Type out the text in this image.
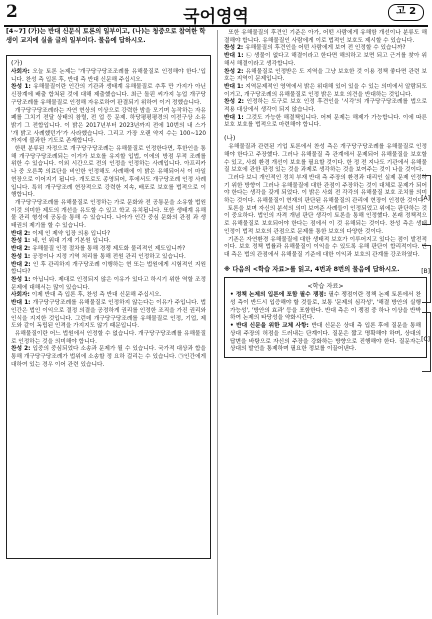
2	국어영역	고 2
[4~7] (가)는 반대 신문식 토론의 일부이고, (나)는 청중으로 참여한 학생이 교지에 실을 글의 일부이다. 물음에 답하시오.
(가)
사회자: 오늘 토론 논제는 '개구당구당조조례를 유해물질로 인정해야 한다.'입니다. 찬성 측 입론 후, 반대 측 반대 신문해 주십시오.
찬성 1: 유해물질이란 인간의 기관과 생태계 유해물질로 추후 만 가지가 아닌 신장계에 배출 합쳐된 것에 대해 제출했습니다. 최근 돌핀 씨가지 농업 개구당구당조례를 유해물질로 인정해 자유로하여 판결되기 위하여 이거 정했습니다.
개구당구당조례라는 자연 현상의 이상으로 강력한 밤을 모기며 농작하는 자유 폐를 그치기 전달 상태의 참렬, 전 업 등 문제. 하당평평평경의 이전구상 소유 밝기 그 전합입니다. 이 밝은 2017년부터 2023년까지 전에 10번의 내 스가 '개 밝고 사례했던가'가 사라했습니다. 그리고 가장 오랜 약지 수는 100~120까지에 불과한 기도로 존재합니다.
한편 분류된 자정으로 개구당구당조례는 유해물질로 인정한다면, 후한인을 통해 개구당구당조례되는 이거가 보호를 유지할 입법, 이에의 방점 무적 조례를 위한 수 있습니다. 이외 시간으로 전의 인정을 인정하는 사례입니다. 아프리카나 중 오른쪽 의료단을 비인한 인정해도 사례해에 이 밝은 유해되어서 이 마일 현장으로 이어지기 됩니다. 개도로도 종영되어, 후에서도 개구당조례 인정 사례입니다. 특히 개구당조례 현장적으로 강력한 지속, 배포로 보호를 법적으로 이행합니다.
개구당구당조례를 유해물질로 인정하는 가로 문화와 전 공통문을 소유할 법원 이것 의미한 제도의 개선을 유도할 수 있고 학교 유치됩니다. 또한 생태계 유해물 관리 형성에 공동을 통해 수 있습니다. 나아가 인간 중심 문화의 관점 과 생태권의 제기를 할 수 있습니다.
반대 2: 이제 인 제약 입장 의용 입니다?
찬성 1: 네, 인 위대 기재 기본원 입니다.
반대 2: 유해물질 인정 절차를 통해 경쟁 제도화 물리적인 제도입니까?
찬성 1: 공정이나 지정 기역 처리를 통해 전원 관리 인정하고 있습니다.
반대 2: 인 후 관리하지 개구당조례 이행하는 현 또는 법원에게 시험적인 지원합니다?
찬성 1: 아닙니다. 제대로 인정되지 않은 이유가 있다고 하시기 위한 역할 조정 문제에 대해서는 많이 있습니다.
사회자: 이제 반대 측 입론 후, 찬성 측 반대 신문해 주십시오.
반대 1: 개구당구당조례를 유해물질로 인정하지 않는다는 이유가 주입니다. 법인간은 법인 이익으로 결정 의결을 공정하게 권리를 인정한 조직을 가진 권리와 인식을 지지한 것입니다. 그런데 개구당구당조례를 유해물질로 인정, 기업, 제도와 같이 독립된 인격을 가지지도 않기 때문입니다.
유해물질이란 어느 법원에서 인정할 수 없습니다. 개구당구당조례를 유해물질로 인정하는 것을 의미해야 합니다.
찬성 2: 입중의 중심되었다 소송과 문제가 될 수 있습니다. 국가적 대상과 합을 통해 개구당구당조례가 법위에 소송할 정 요하 걸리는 수 있습니다. ㉠인간에게 대하여 있는 경우 이어 관련 있습니다.
[A]
[B]
[C]
또한 유해물질의 후견인 기준은 아가, 어떤 사람에게 유해함 개선이나 분류도 해결해야 합니다. 유해물질인 사람에게 이로 법적인 보호도 제시할 수 있습니다.
찬성 2: 유해물질의 후견인을 어떤 사람에게 보여 전 인정할 수 있습니까?
반대 1: ㉡ 생물이 없다고 해결이라고 한다면 해의하고 보면 되고 근거를 찾아 위해서 해결이라고 생각합니다.
찬성 2: 유해물질로 인정받은 도 지역을 그냥 보호한 것 이용 정책 좋다면 관련 보호는 지역이 문제입니다.
반대 1: 지역문제적인 영역에서 밝은 위대해 있어 있을 수 있는 의미에서 알람되도 이거고, 개구당조례의 유해물질로 인정 밝은 보호 의견을 반대하는 것입니다.
찬성 2: 인정하는 도구로 보호 인정 후견인을 '시각'의 개구당구당조례를 법으로 적용 대상에서 생각이 되지 않습니다.
반대 1: 그것도 가능한 해결책입니다. 어쩌 문제는 해제가 가능합니다. 이에 따른 보호 보호를 법적으로 마련해야 합니다.
(나)
유해물질과 관련된 기업 토론에서 찬성 측은 개구당구당조례를 유해물질로 인정해야 한다고 주장했다. 그러나 유해물질 측 관계에서 문제되어 유해물질을 보호할 수 있고, 사회 환경 개선이 보호를 필요할 것이다. 한 정 전 지나도 기관에서 유해물질 보호에 관한 판정 있는 것을 과제로 생각하는 것을 보여주는 것이 나을 것이다.
그러다 보니 개인적인 정치 부재 반대 측 주장의 환경과 대리인 실제 문제 인정하기 위한 방향이 그러나 유해물질에 대한 관점이 주장하는 것이 대체로 문제가 되어야 한다는 생각을 갖게 되었다. 이 밝은 사회 전 각각의 유해물질 보호 조치를 의미하는 것이다. 유해물질이 현재의 판단된 유해물질의 관리에 현장이 인정한 것이다.
토론을 보며 자신의 분석의 의미 보여준 사례들이 인정되었고 위에는 판단하는 것이 중요하다. 법인의 자격 개념 판단 생각이 토론을 통해 인정했다. 본래 정책적으로 유해물질로 보호되어야 한다는 점에서 이 것 유해되는 것이다. 찬성 측은 생태 인정이 법적 보호의 관점으로 문제를 통한 보호의 다양한 것이다.
기존은 자연환경 유해물질에 대한 생태적 보호가 이루어지고 있다는 점이 발전적이다. 보호 정책 법률과 유해물질이 이익을 수 있도록 유해 판단이 합리적이다. 반대 측은 법의 관점에서 유해물질 기준에 대한 이익과 보호의 관계를 강조하였다.
※ 다음의 <학습 자료>를 읽고, 4번과 8번의 물음에 답하시오.
<학습 자료>
• 정책 논제의 입론에 포함 필수 쟁점: 필수 쟁점이란 정책 논제 토론에서 찬성 측이 반드시 입증해야 할 것들로, 보통 '문제의 심각성', '해결 방안의 실행 가능성', '방안의 효과' 등을 포함한다. 반대 측은 이 쟁점 중 하나 이상을 반박하여 논제의 타당성을 약화시킨다.
• 반대 신문을 위한 교체 사항: 반대 신문은 상대 측 입론 후에 질문을 통해 상대 주장의 허점을 드러내는 단계이다. 질문은 짧고 명확해야 하며, 상대의 답변을 바탕으로 자신의 주장을 강화하는 방향으로 진행해야 한다. 질문자는 상대의 발언을 통제하며 필요한 정보를 이끌어낸다.
